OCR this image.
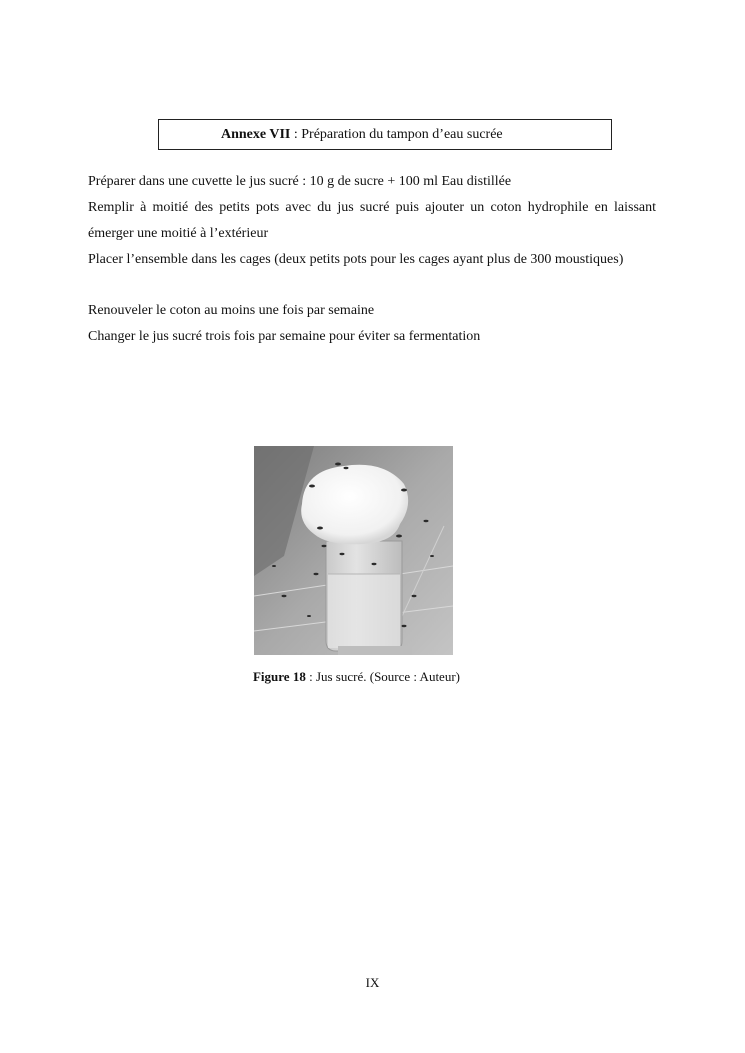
Annexe VII : Préparation du tampon d’eau sucrée

Préparer dans une cuvette le jus sucré : 10 g de sucre + 100 ml Eau distillée

Remplir à moitié des petits pots avec du jus sucré puis ajouter un coton hydrophile en laissant émerger une moitié à l’extérieur

Placer l’ensemble dans les cages (deux petits pots pour les cages ayant plus de 300 moustiques)

Renouveler le coton au moins une fois par semaine

Changer le jus sucré trois fois par semaine pour éviter sa fermentation

Figure 18 : Jus sucré. (Source : Auteur)
IX
